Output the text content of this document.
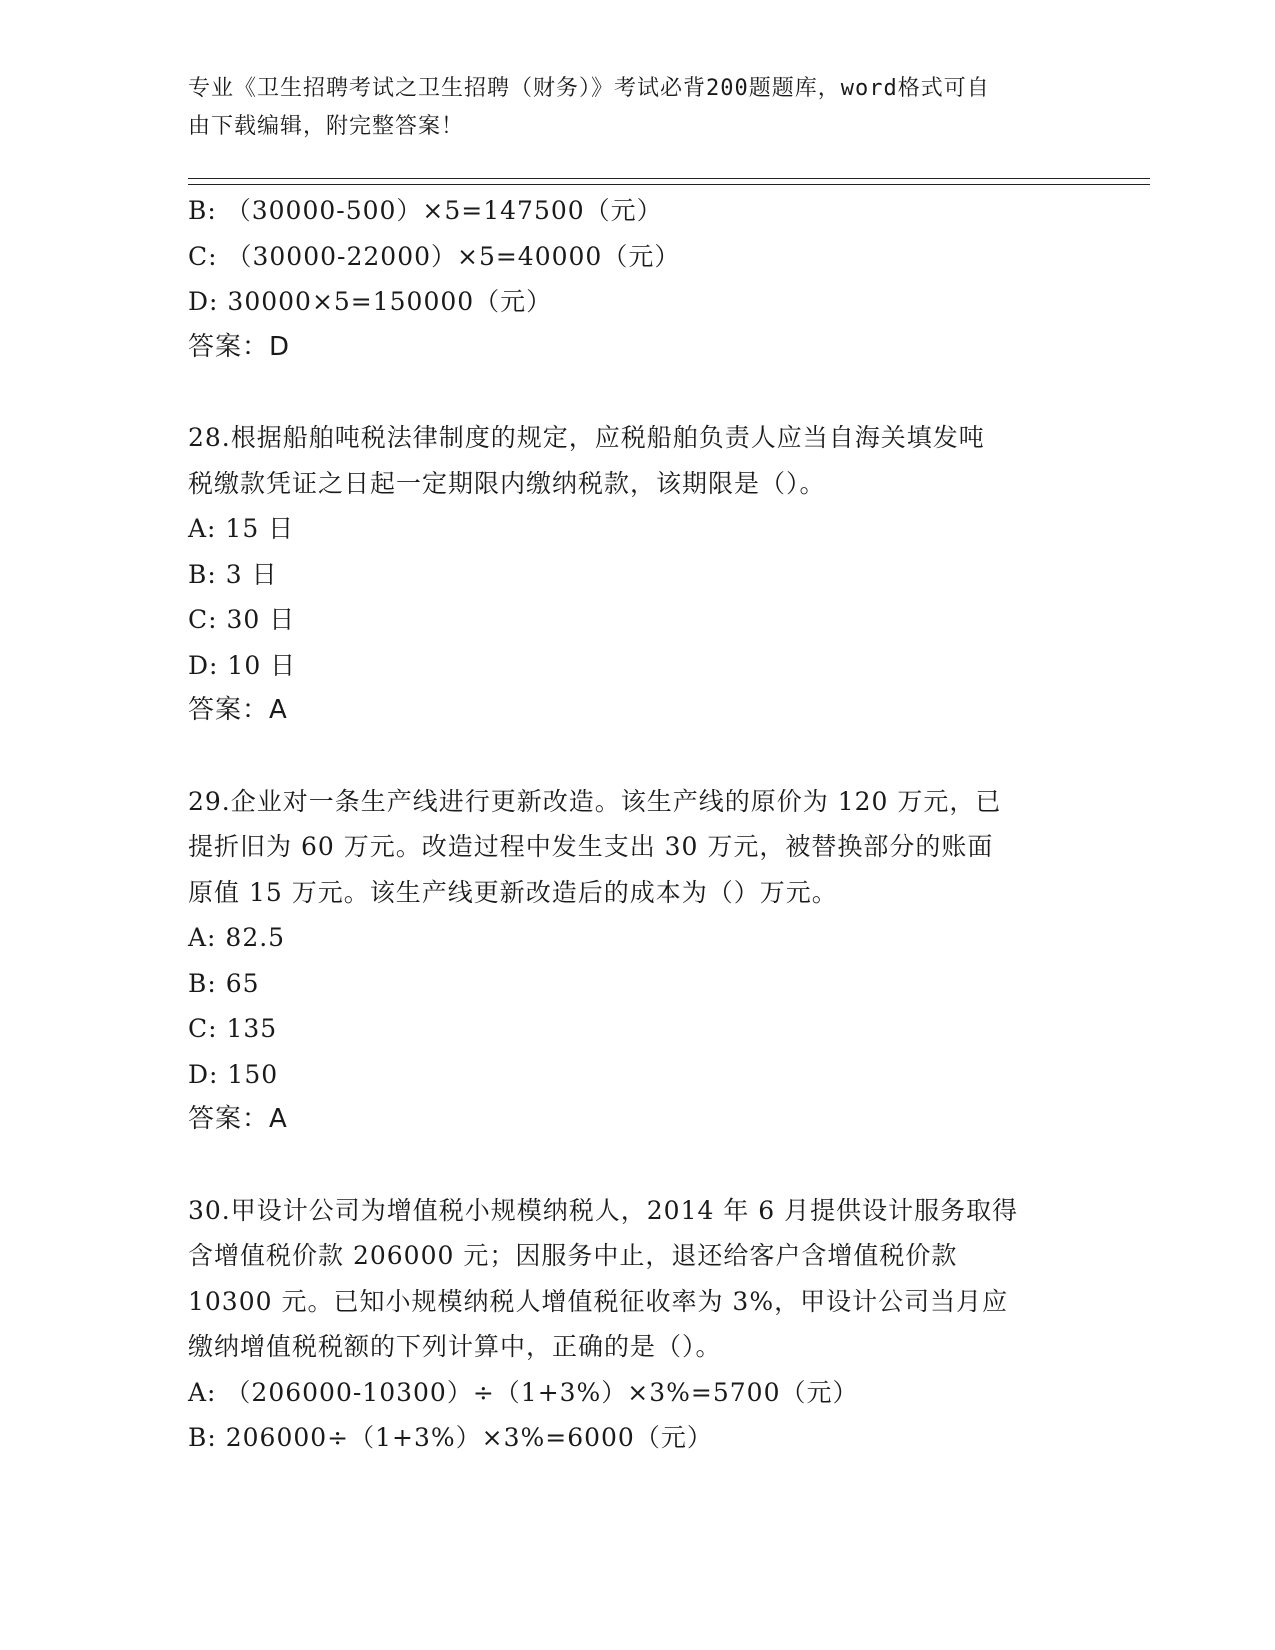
专业《卫生招聘考试之卫生招聘（财务）》考试必背200题题库，word格式可自
由下载编辑，附完整答案！
B: （30000-500）×5=147500（元）
C: （30000-22000）×5=40000（元）
D: 30000×5=150000（元）
答案：D
28.根据船舶吨税法律制度的规定，应税船舶负责人应当自海关填发吨
税缴款凭证之日起一定期限内缴纳税款，该期限是（）。
A: 15 日
B: 3 日
C: 30 日
D: 10 日
答案：A
29.企业对一条生产线进行更新改造。该生产线的原价为 120 万元，已
提折旧为 60 万元。改造过程中发生支出 30 万元，被替换部分的账面
原值 15 万元。该生产线更新改造后的成本为（）万元。
A: 82.5
B: 65
C: 135
D: 150
答案：A
30.甲设计公司为增值税小规模纳税人，2014 年 6 月提供设计服务取得
含增值税价款 206000 元；因服务中止，退还给客户含增值税价款
10300 元。已知小规模纳税人增值税征收率为 3%，甲设计公司当月应
缴纳增值税税额的下列计算中，正确的是（）。
A: （206000-10300）÷（1+3%）×3%=5700（元）
B: 206000÷（1+3%）×3%=6000（元）
